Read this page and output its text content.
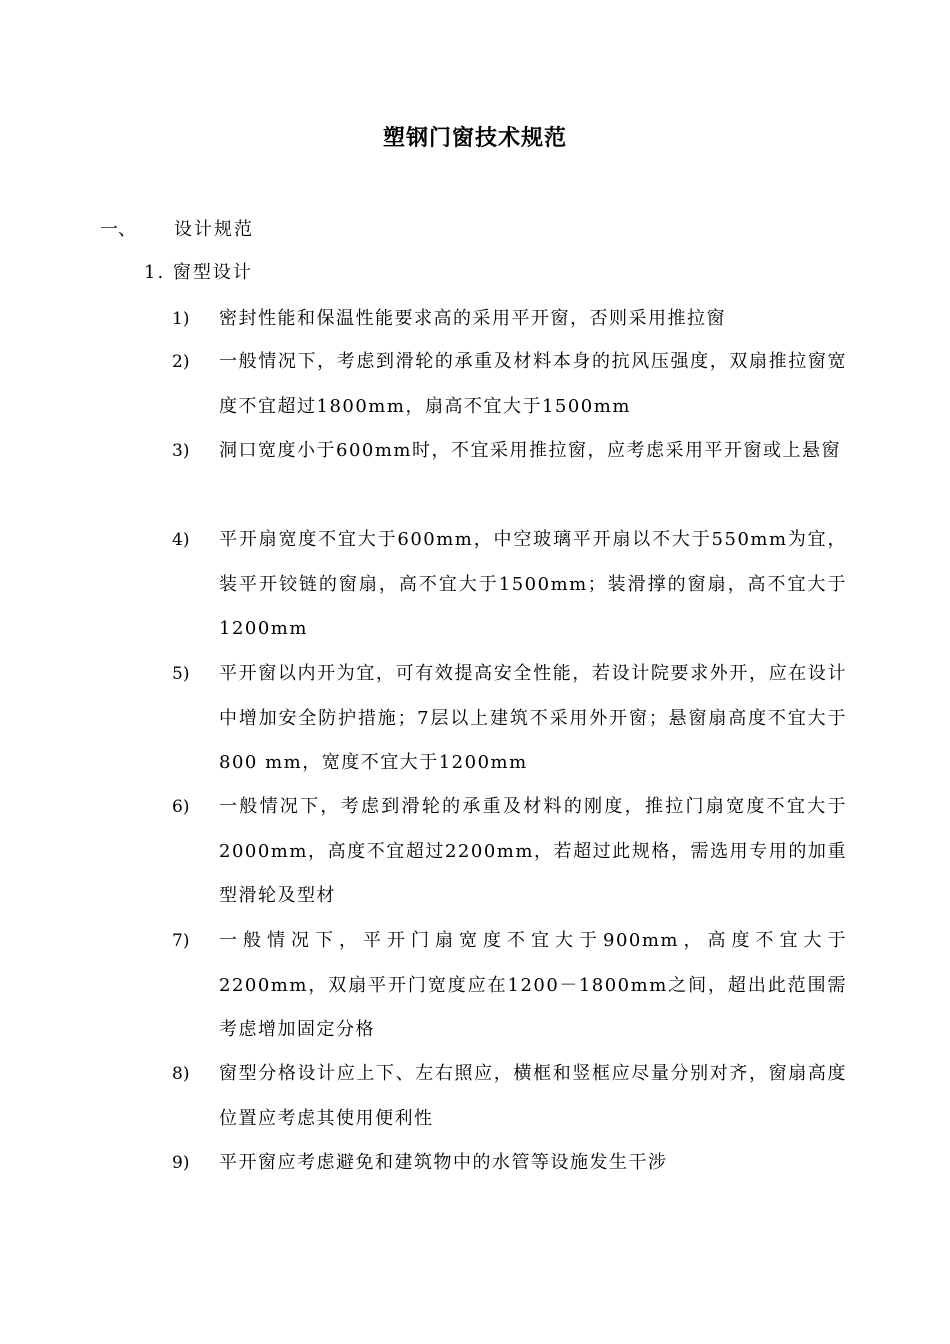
塑钢门窗技术规范
一、 设计规范
1. 窗型设计
1) 密封性能和保温性能要求高的采用平开窗，否则采用推拉窗
2) 一般情况下，考虑到滑轮的承重及材料本身的抗风压强度，双扇推拉窗宽度不宜超过1800mm，扇高不宜大于1500mm
3) 洞口宽度小于600mm时，不宜采用推拉窗，应考虑采用平开窗或上悬窗
4) 平开扇宽度不宜大于600mm，中空玻璃平开扇以不大于550mm为宜，装平开铰链的窗扇，高不宜大于1500mm；装滑撑的窗扇，高不宜大于1200mm
5) 平开窗以内开为宜，可有效提高安全性能，若设计院要求外开，应在设计中增加安全防护措施；7层以上建筑不采用外开窗；悬窗扇高度不宜大于800 mm，宽度不宜大于1200mm
6) 一般情况下，考虑到滑轮的承重及材料的刚度，推拉门扇宽度不宜大于2000mm，高度不宜超过2200mm，若超过此规格，需选用专用的加重型滑轮及型材
7) 一般情况下，平开门扇宽度不宜大于900mm，高度不宜大于2200mm，双扇平开门宽度应在1200－1800mm之间，超出此范围需考虑增加固定分格
8) 窗型分格设计应上下、左右照应，横框和竖框应尽量分别对齐，窗扇高度位置应考虑其使用便利性
9) 平开窗应考虑避免和建筑物中的水管等设施发生干涉
